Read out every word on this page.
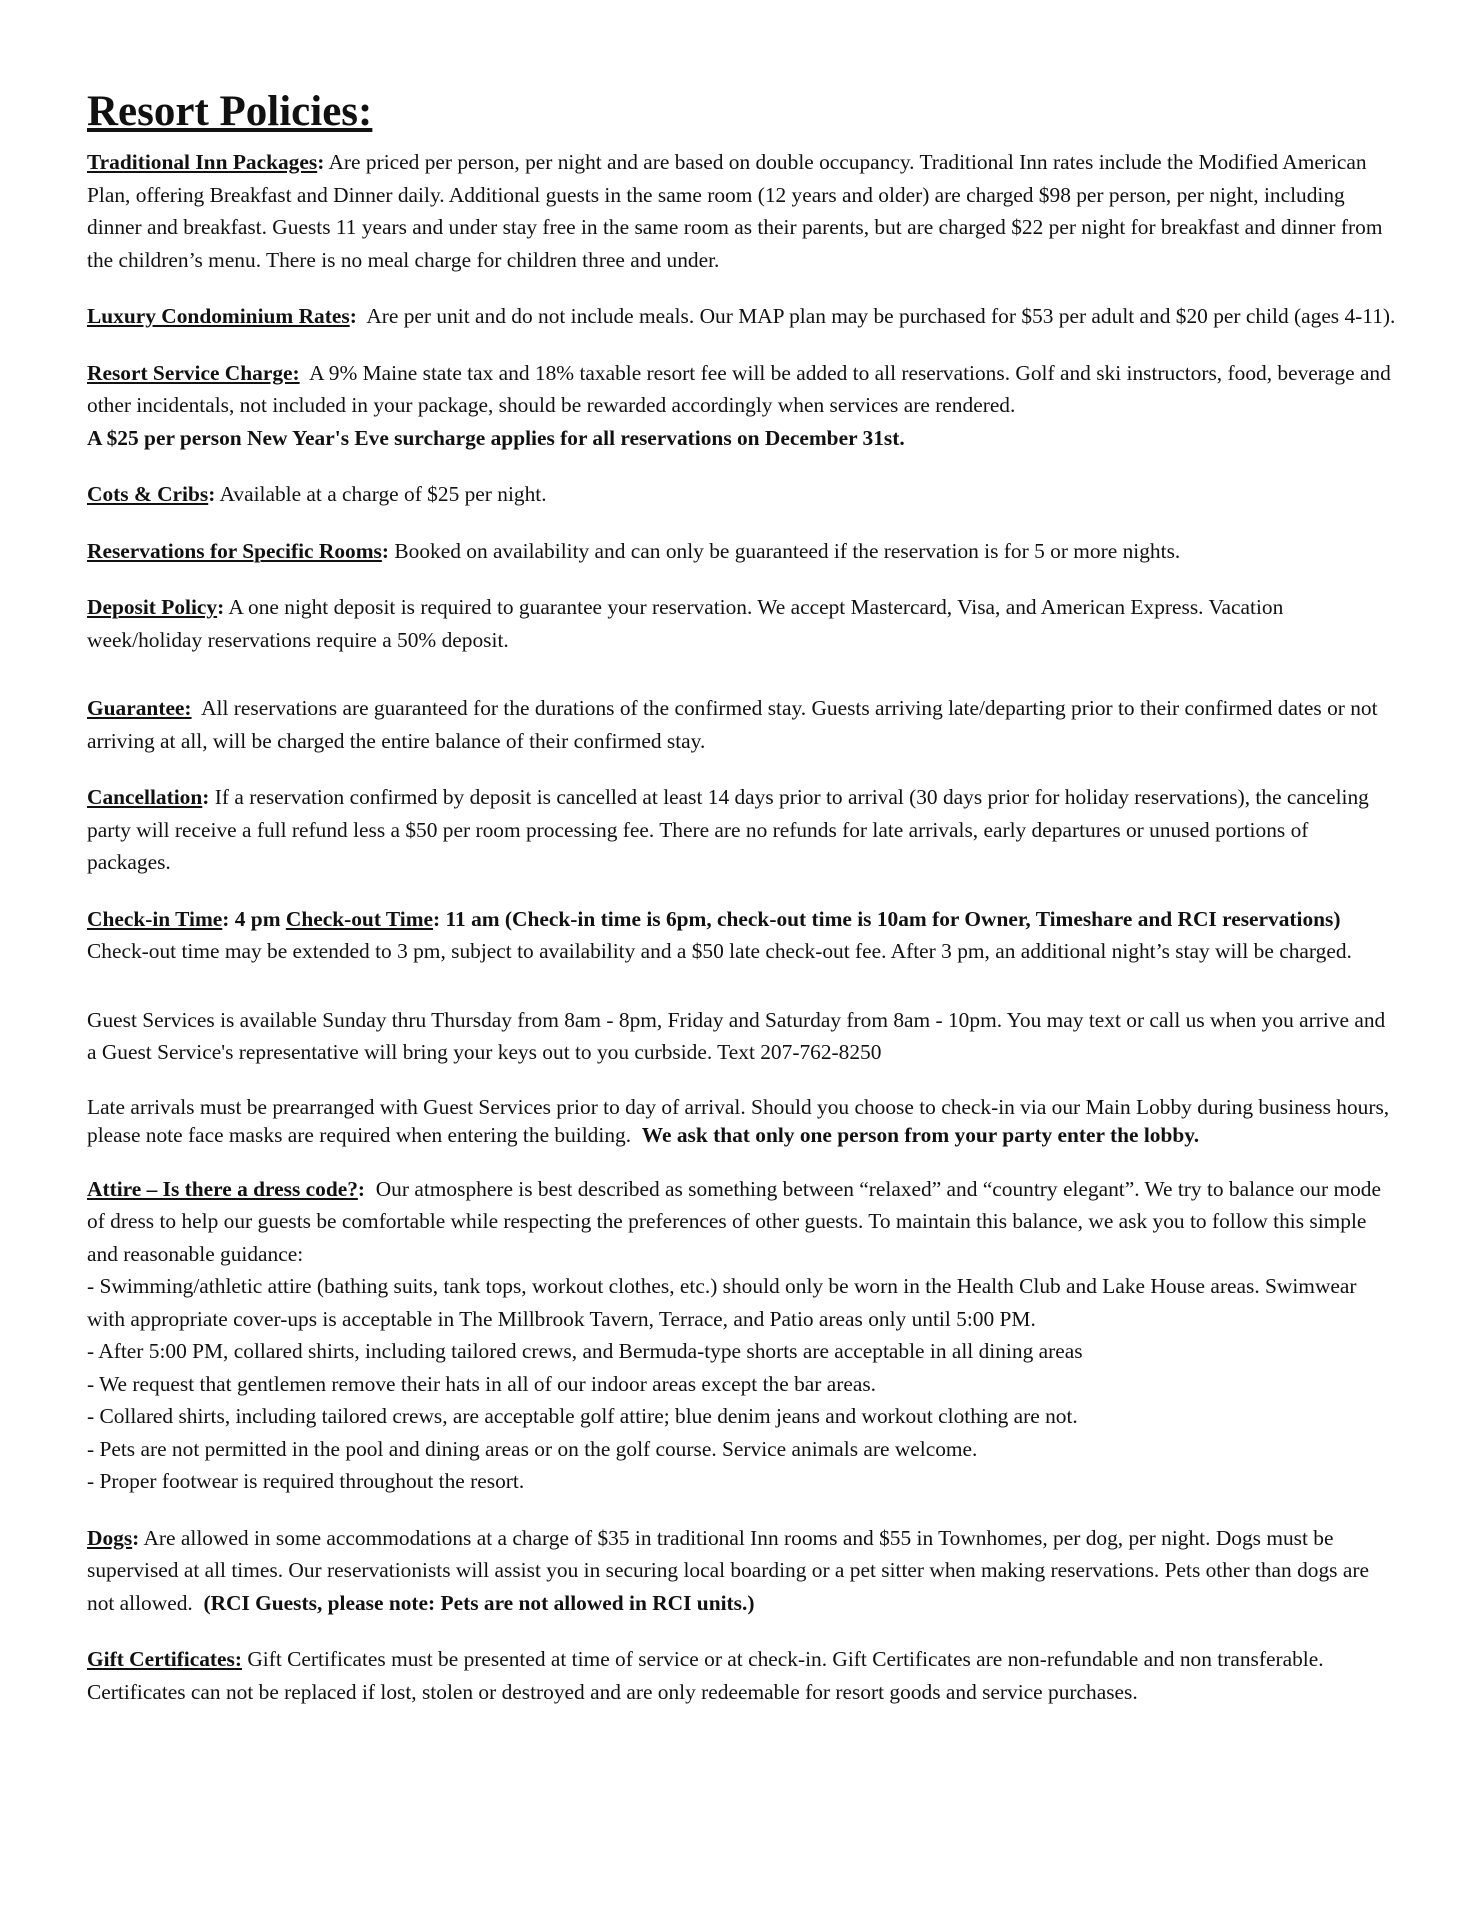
Resort Policies:

Traditional Inn Packages: Are priced per person, per night and are based on double occupancy. Traditional Inn rates include the Modified American Plan, offering Breakfast and Dinner daily. Additional guests in the same room (12 years and older) are charged $98 per person, per night, including dinner and breakfast. Guests 11 years and under stay free in the same room as their parents, but are charged $22 per night for breakfast and dinner from the children’s menu. There is no meal charge for children three and under.

Luxury Condominium Rates: Are per unit and do not include meals. Our MAP plan may be purchased for $53 per adult and $20 per child (ages 4-11).

Resort Service Charge: A 9% Maine state tax and 18% taxable resort fee will be added to all reservations. Golf and ski instructors, food, beverage and other incidentals, not included in your package, should be rewarded accordingly when services are rendered.
A $25 per person New Year's Eve surcharge applies for all reservations on December 31st.

Cots & Cribs: Available at a charge of $25 per night.

Reservations for Specific Rooms: Booked on availability and can only be guaranteed if the reservation is for 5 or more nights.

Deposit Policy: A one night deposit is required to guarantee your reservation. We accept Mastercard, Visa, and American Express. Vacation week/holiday reservations require a 50% deposit.

Guarantee: All reservations are guaranteed for the durations of the confirmed stay. Guests arriving late/departing prior to their confirmed dates or not arriving at all, will be charged the entire balance of their confirmed stay.

Cancellation: If a reservation confirmed by deposit is cancelled at least 14 days prior to arrival (30 days prior for holiday reservations), the canceling party will receive a full refund less a $50 per room processing fee. There are no refunds for late arrivals, early departures or unused portions of packages.

Check-in Time: 4 pm Check-out Time: 11 am (Check-in time is 6pm, check-out time is 10am for Owner, Timeshare and RCI reservations) Check-out time may be extended to 3 pm, subject to availability and a $50 late check-out fee. After 3 pm, an additional night’s stay will be charged.

Guest Services is available Sunday thru Thursday from 8am - 8pm, Friday and Saturday from 8am - 10pm. You may text or call us when you arrive and a Guest Service's representative will bring your keys out to you curbside. Text 207-762-8250

Late arrivals must be prearranged with Guest Services prior to day of arrival. Should you choose to check-in via our Main Lobby during business hours, please note face masks are required when entering the building. We ask that only one person from your party enter the lobby.

Attire – Is there a dress code?: Our atmosphere is best described as something between “relaxed” and “country elegant”. We try to balance our mode of dress to help our guests be comfortable while respecting the preferences of other guests. To maintain this balance, we ask you to follow this simple and reasonable guidance:

- Swimming/athletic attire (bathing suits, tank tops, workout clothes, etc.) should only be worn in the Health Club and Lake House areas. Swimwear with appropriate cover-ups is acceptable in The Millbrook Tavern, Terrace, and Patio areas only until 5:00 PM.
- After 5:00 PM, collared shirts, including tailored crews, and Bermuda-type shorts are acceptable in all dining areas
- We request that gentlemen remove their hats in all of our indoor areas except the bar areas.
- Collared shirts, including tailored crews, are acceptable golf attire; blue denim jeans and workout clothing are not.
- Pets are not permitted in the pool and dining areas or on the golf course. Service animals are welcome.
- Proper footwear is required throughout the resort.

Dogs: Are allowed in some accommodations at a charge of $35 in traditional Inn rooms and $55 in Townhomes, per dog, per night. Dogs must be supervised at all times. Our reservationists will assist you in securing local boarding or a pet sitter when making reservations. Pets other than dogs are not allowed. (RCI Guests, please note: Pets are not allowed in RCI units.)

Gift Certificates: Gift Certificates must be presented at time of service or at check-in. Gift Certificates are non-refundable and non transferable. Certificates can not be replaced if lost, stolen or destroyed and are only redeemable for resort goods and service purchases.
